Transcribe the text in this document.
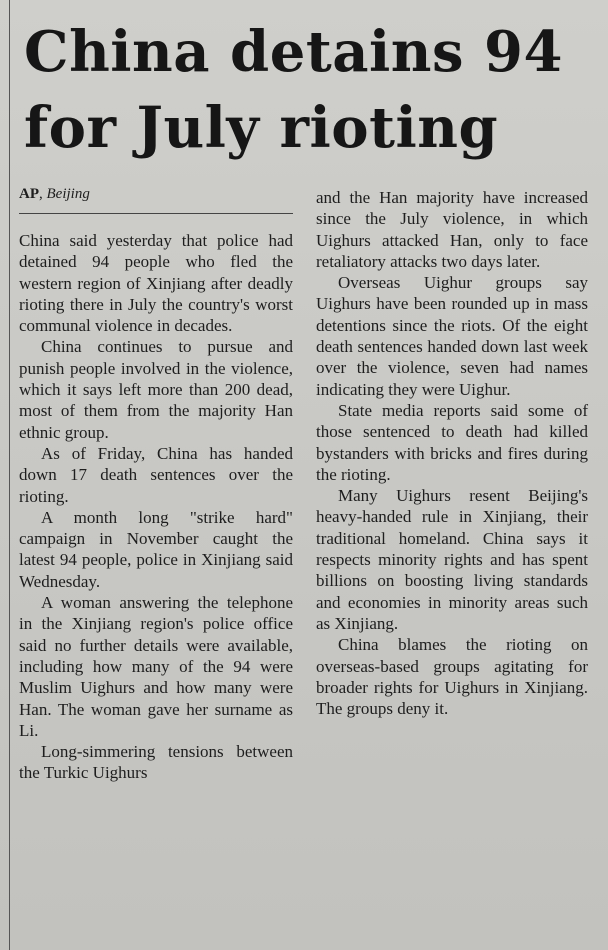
China detains 94
for July rioting
AP, Beijing

China said yesterday that police had detained 94 people who fled the western region of Xinjiang after deadly rioting there in July the country's worst communal violence in decades.

China continues to pursue and punish people involved in the violence, which it says left more than 200 dead, most of them from the majority Han ethnic group.

As of Friday, China has handed down 17 death sentences over the rioting.

A month long "strike hard" campaign in November caught the latest 94 people, police in Xinjiang said Wednesday.

A woman answering the telephone in the Xinjiang region's police office said no further details were available, including how many of the 94 were Muslim Uighurs and how many were Han. The woman gave her surname as Li.

Long-simmering tensions between the Turkic Uighurs

and the Han majority have increased since the July violence, in which Uighurs attacked Han, only to face retaliatory attacks two days later.

Overseas Uighur groups say Uighurs have been rounded up in mass detentions since the riots. Of the eight death sentences handed down last week over the violence, seven had names indicating they were Uighur.

State media reports said some of those sentenced to death had killed bystanders with bricks and fires during the rioting.

Many Uighurs resent Beijing's heavy-handed rule in Xinjiang, their traditional homeland. China says it respects minority rights and has spent billions on boosting living standards and economies in minority areas such as Xinjiang.

China blames the rioting on overseas-based groups agitating for broader rights for Uighurs in Xinjiang. The groups deny it.
